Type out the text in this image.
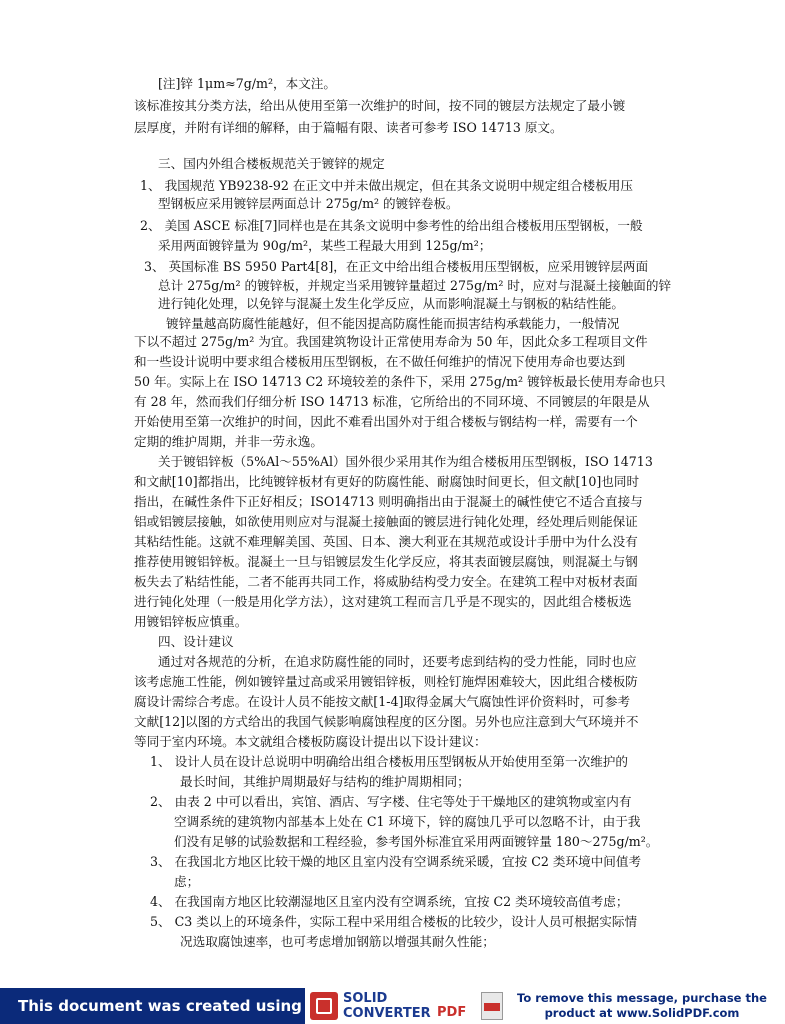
[注]锌 1μm≈7g/m²，本文注。
该标准按其分类方法，给出从使用至第一次维护的时间，按不同的镀层方法规定了最小镀
层厚度，并附有详细的解释，由于篇幅有限、读者可参考 ISO 14713 原文。
三、国内外组合楼板规范关于镀锌的规定
1、 我国规范 YB9238-92 在正文中并未做出规定，但在其条文说明中规定组合楼板用压
型钢板应采用镀锌层两面总计 275g/m² 的镀锌卷板。
2、 美国 ASCE 标准[7]同样也是在其条文说明中参考性的给出组合楼板用压型钢板，一般
采用两面镀锌量为 90g/m²，某些工程最大用到 125g/m²；
3、 英国标准 BS 5950 Part4[8]，在正文中给出组合楼板用压型钢板，应采用镀锌层两面
总计 275g/m² 的镀锌板，并规定当采用镀锌量超过 275g/m² 时，应对与混凝土接触面的锌
进行钝化处理，以免锌与混凝土发生化学反应，从而影响混凝土与钢板的粘结性能。
镀锌量越高防腐性能越好，但不能因提高防腐性能而损害结构承载能力，一般情况
下以不超过 275g/m² 为宜。我国建筑物设计正常使用寿命为 50 年，因此众多工程项目文件
和一些设计说明中要求组合楼板用压型钢板，在不做任何维护的情况下使用寿命也要达到
50 年。实际上在 ISO 14713 C2 环境较差的条件下，采用 275g/m² 镀锌板最长使用寿命也只
有 28 年，然而我们仔细分析 ISO 14713 标准，它所给出的不同环境、不同镀层的年限是从
开始使用至第一次维护的时间，因此不难看出国外对于组合楼板与钢结构一样，需要有一个
定期的维护周期，并非一劳永逸。
关于镀铝锌板（5%Al～55%Al）国外很少采用其作为组合楼板用压型钢板，ISO 14713
和文献[10]都指出，比纯镀锌板材有更好的防腐性能、耐腐蚀时间更长，但文献[10]也同时
指出，在碱性条件下正好相反；ISO14713 则明确指出由于混凝土的碱性使它不适合直接与
铝或铝镀层接触，如欲使用则应对与混凝土接触面的镀层进行钝化处理，经处理后则能保证
其粘结性能。这就不难理解美国、英国、日本、澳大利亚在其规范或设计手册中为什么没有
推荐使用镀铝锌板。混凝土一旦与铝镀层发生化学反应，将其表面镀层腐蚀，则混凝土与钢
板失去了粘结性能，二者不能再共同工作，将威胁结构受力安全。在建筑工程中对板材表面
进行钝化处理（一般是用化学方法），这对建筑工程而言几乎是不现实的，因此组合楼板选
用镀铝锌板应慎重。
四、设计建议
通过对各规范的分析，在追求防腐性能的同时，还要考虑到结构的受力性能，同时也应
该考虑施工性能，例如镀锌量过高或采用镀铝锌板，则栓钉施焊困难较大，因此组合楼板防
腐设计需综合考虑。在设计人员不能按文献[1-4]取得金属大气腐蚀性评价资料时，可参考
文献[12]以图的方式给出的我国气候影响腐蚀程度的区分图。另外也应注意到大气环境并不
等同于室内环境。本文就组合楼板防腐设计提出以下设计建议：
1、 设计人员在设计总说明中明确给出组合楼板用压型钢板从开始使用至第一次维护的
最长时间，其维护周期最好与结构的维护周期相同；
2、 由表 2 中可以看出，宾馆、酒店、写字楼、住宅等处于干燥地区的建筑物或室内有
空调系统的建筑物内部基本上处在 C1 环境下，锌的腐蚀几乎可以忽略不计，由于我
们没有足够的试验数据和工程经验，参考国外标准宜采用两面镀锌量 180～275g/m²。
3、 在我国北方地区比较干燥的地区且室内没有空调系统采暖，宜按 C2 类环境中间值考
虑；
4、 在我国南方地区比较潮湿地区且室内没有空调系统，宜按 C2 类环境较高值考虑；
5、 C3 类以上的环境条件，实际工程中采用组合楼板的比较少，设计人员可根据实际情
况选取腐蚀速率，也可考虑增加钢筋以增强其耐久性能；
This document was created using	SOLID
CONVERTER PDF
To remove this message, purchase the
product at www.SolidPDF.com
